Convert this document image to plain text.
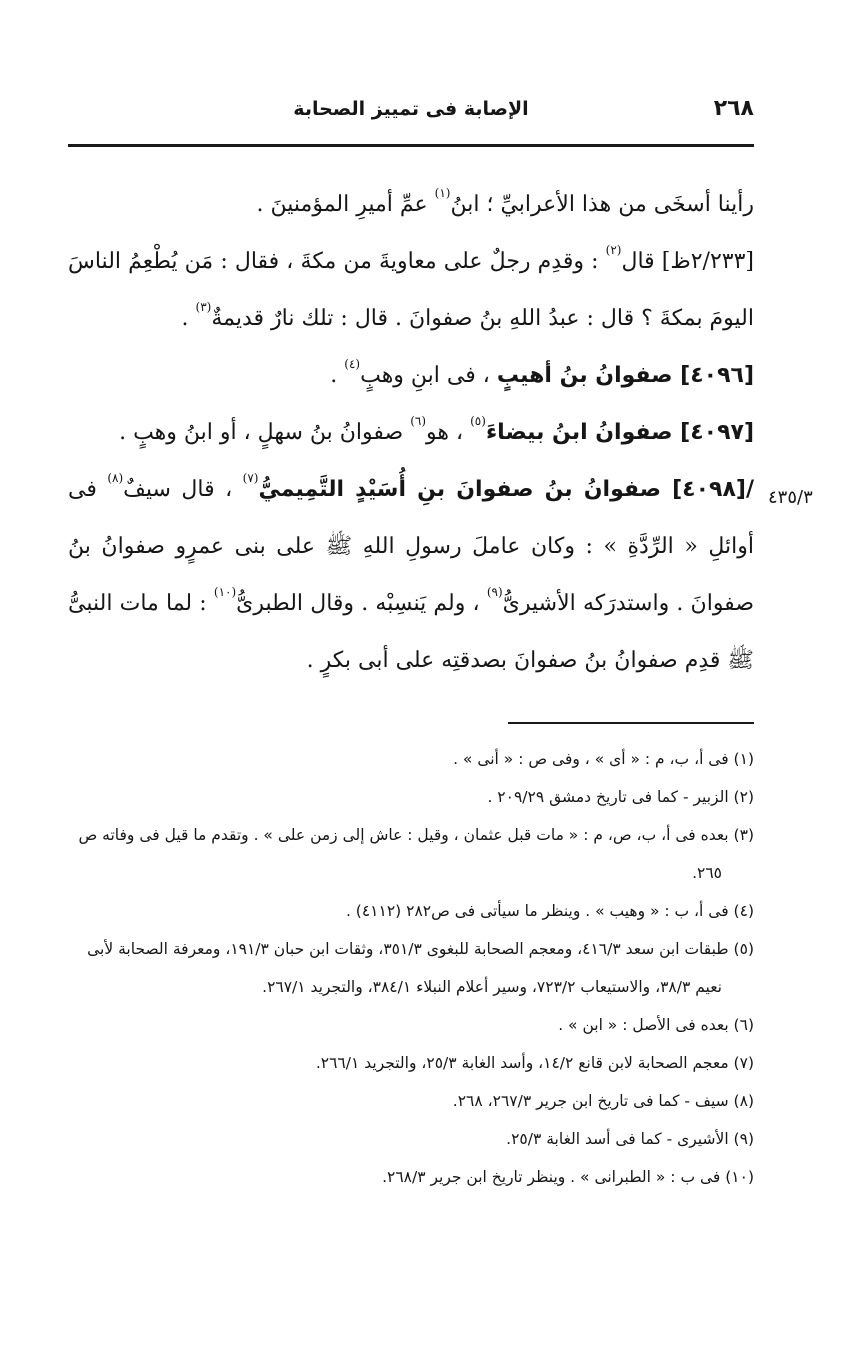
٢٦٨
الإصابة فى تمييز الصحابة
٤٣٥/٣

رأينا أسخَى من هذا الأعرابيِّ ؛ ابنُ$^{(١)}$ عمِّ أميرِ المؤمنينَ .

[٢/٢٣٣ظ] قال$^{(٢)}$ : وقدِم رجلٌ على معاويةَ من مكةَ ، فقال : مَن يُطْعِمُ الناسَ اليومَ بمكةَ ؟ قال : عبدُ اللهِ بنُ صفوانَ . قال : تلك نارٌ قديمةٌ$^{(٣)}$ .

[٤٠٩٦] صفوانُ بنُ أهيبٍ ، فى ابنِ وهبٍ$^{(٤)}$ .

[٤٠٩٧] صفوانُ ابنُ بيضاءَ$^{(٥)}$ ، هو$^{(٦)}$ صفوانُ بنُ سهلٍ ، أو ابنُ وهبٍ .

/[٤٠٩٨] صفوانُ بنُ صفوانَ بنِ أُسَيْدٍ التَّمِيميُّ$^{(٧)}$ ، قال سيفٌ$^{(٨)}$ فى أوائلِ « الرِّدَّةِ » : وكان عاملَ رسولِ اللهِ ﷺ على بنى عمرٍو صفوانُ بنُ صفوانَ . واستدرَكه الأشيرىُّ$^{(٩)}$ ، ولم يَنسِبْه . وقال الطبرىُّ$^{(١٠)}$ : لما مات النبىُّ ﷺ قدِم صفوانُ بنُ صفوانَ بصدقتِه على أبى بكرٍ .

(١) فى أ، ب، م : « أى » ، وفى ص : « أنى » .

(٢) الزبير - كما فى تاريخ دمشق ٢٠٩/٢٩ .

(٣) بعده فى أ، ب، ص، م : « مات قبل عثمان ، وقيل : عاش إلى زمن على » . وتقدم ما قيل فى وفاته ص ٢٦٥.

(٤) فى أ، ب : « وهيب » . وينظر ما سيأتى فى ص٢٨٢ (٤١١٢) .

(٥) طبقات ابن سعد ٤١٦/٣، ومعجم الصحابة للبغوى ٣٥١/٣، وثقات ابن حبان ١٩١/٣، ومعرفة الصحابة لأبى نعيم ٣٨/٣، والاستيعاب ٧٢٣/٢، وسير أعلام النبلاء ٣٨٤/١، والتجريد ٢٦٧/١.

(٦) بعده فى الأصل : « ابن » .

(٧) معجم الصحابة لابن قانع ١٤/٢، وأسد الغابة ٢٥/٣، والتجريد ٢٦٦/١.

(٨) سيف - كما فى تاريخ ابن جرير ٢٦٧/٣، ٢٦٨.

(٩) الأشيرى - كما فى أسد الغابة ٢٥/٣.

(١٠) فى ب : « الطبرانى » . وينظر تاريخ ابن جرير ٢٦٨/٣.
